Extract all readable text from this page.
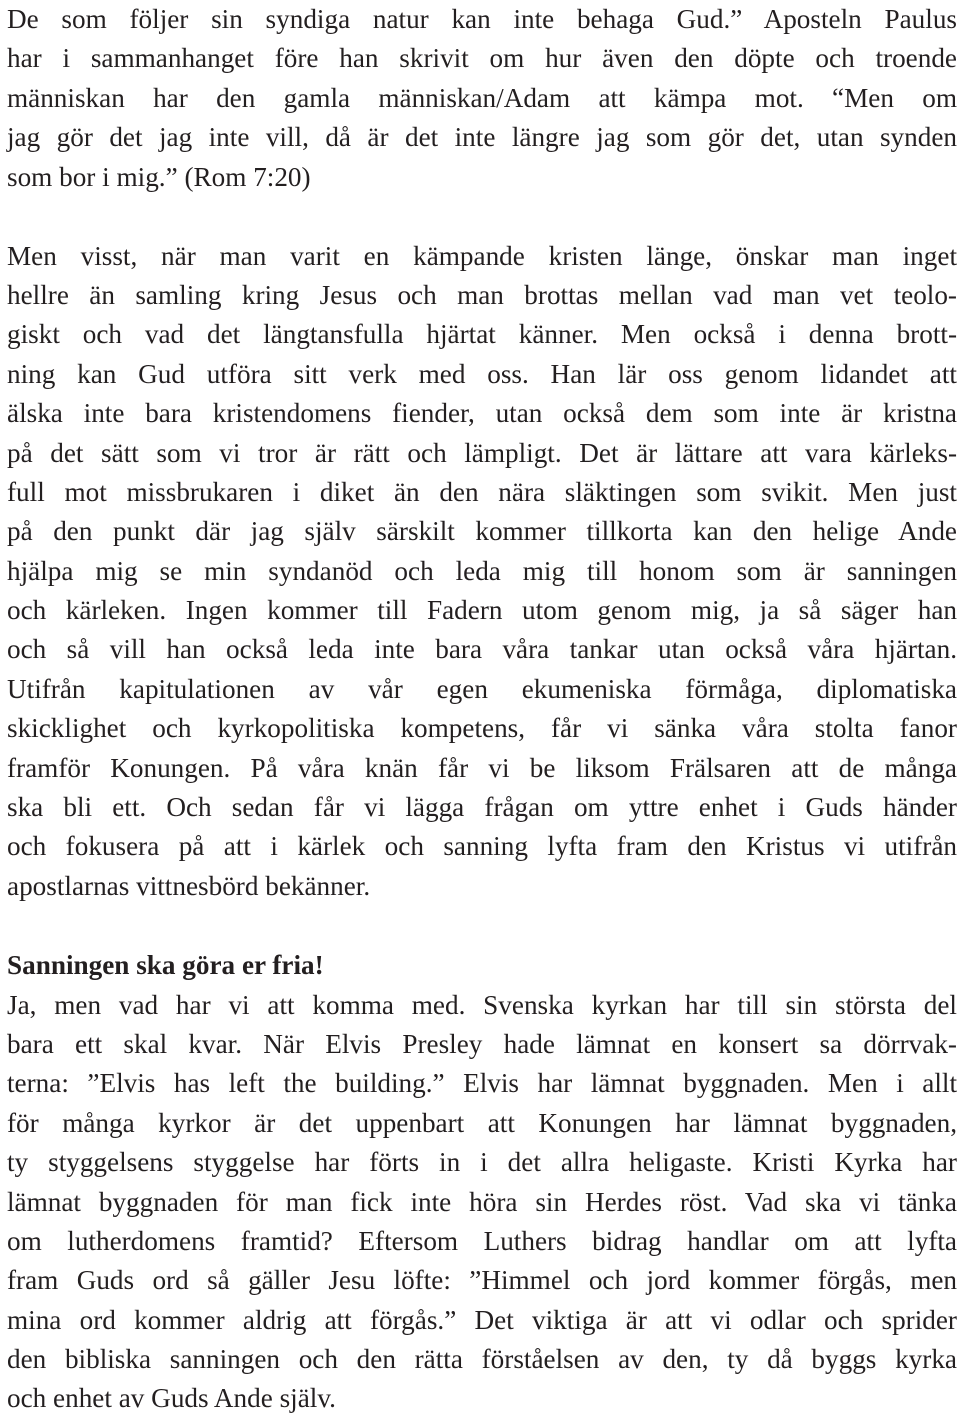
De som följer sin syndiga natur kan inte behaga Gud.” Aposteln Paulus
har i sammanhanget före han skrivit om hur även den döpte och troende
människan har den gamla människan/Adam att kämpa mot. “Men om
jag gör det jag inte vill, då är det inte längre jag som gör det, utan synden
som bor i mig.” (Rom 7:20)
Men visst, när man varit en kämpande kristen länge, önskar man inget
hellre än samling kring Jesus och man brottas mellan vad man vet teolo-
giskt och vad det längtansfulla hjärtat känner. Men också i denna brott-
ning kan Gud utföra sitt verk med oss. Han lär oss genom lidandet att
älska inte bara kristendomens fiender, utan också dem som inte är kristna
på det sätt som vi tror är rätt och lämpligt. Det är lättare att vara kärleks-
full mot missbrukaren i diket än den nära släktingen som svikit. Men just
på den punkt där jag själv särskilt kommer tillkorta kan den helige Ande
hjälpa mig se min syndanöd och leda mig till honom som är sanningen
och kärleken. Ingen kommer till Fadern utom genom mig, ja så säger han
och så vill han också leda inte bara våra tankar utan också våra hjärtan.
Utifrån kapitulationen av vår egen ekumeniska förmåga, diplomatiska
skicklighet och kyrkopolitiska kompetens, får vi sänka våra stolta fanor
framför Konungen. På våra knän får vi be liksom Frälsaren att de många
ska bli ett. Och sedan får vi lägga frågan om yttre enhet i Guds händer
och fokusera på att i kärlek och sanning lyfta fram den Kristus vi utifrån
apostlarnas vittnesbörd bekänner.
Sanningen ska göra er fria!
Ja, men vad har vi att komma med. Svenska kyrkan har till sin största del
bara ett skal kvar. När Elvis Presley hade lämnat en konsert sa dörrvak-
terna: ”Elvis has left the building.” Elvis har lämnat byggnaden. Men i allt
för många kyrkor är det uppenbart att Konungen har lämnat byggnaden,
ty styggelsens styggelse har förts in i det allra heligaste. Kristi Kyrka har
lämnat byggnaden för man fick inte höra sin Herdes röst. Vad ska vi tänka
om lutherdomens framtid? Eftersom Luthers bidrag handlar om att lyfta
fram Guds ord så gäller Jesu löfte: ”Himmel och jord kommer förgås, men
mina ord kommer aldrig att förgås.” Det viktiga är att vi odlar och sprider
den bibliska sanningen och den rätta förståelsen av den, ty då byggs kyrka
och enhet av Guds Ande själv.
